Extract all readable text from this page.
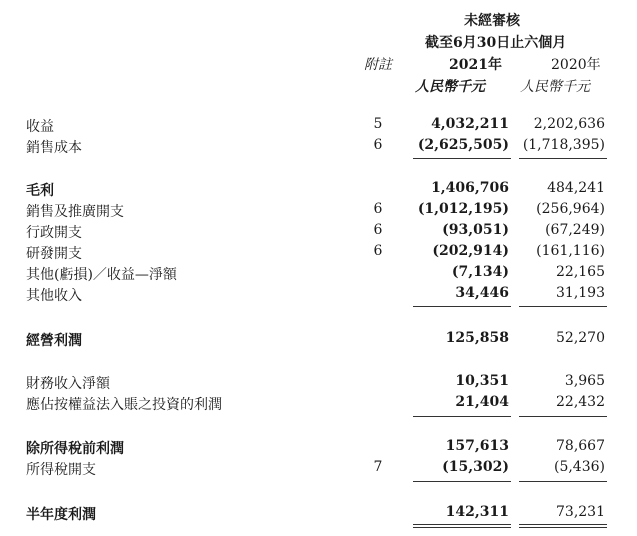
未經審核
截至6月30日止六個月
附註	2021年	2020年
人民幣千元	人民幣千元
收益	5	4,032,211	2,202,636
銷售成本	6	(2,625,505) (1,718,395)
毛利	1,406,706	484,241
銷售及推廣開支	6	(1,012,195)	(256,964)
行政開支	6	(93,051)	(67,249)
研發開支	6	(202,914)	(161,116)
其他(虧損)／收益—淨額	(7,134)	22,165
其他收入	34,446	31,193
經營利潤	125,858	52,270
財務收入淨額	10,351	3,965
應佔按權益法入賬之投資的利潤	21,404	22,432
除所得稅前利潤	157,613	78,667
所得稅開支	7	(15,302)	(5,436)
半年度利潤	142,311	73,231
